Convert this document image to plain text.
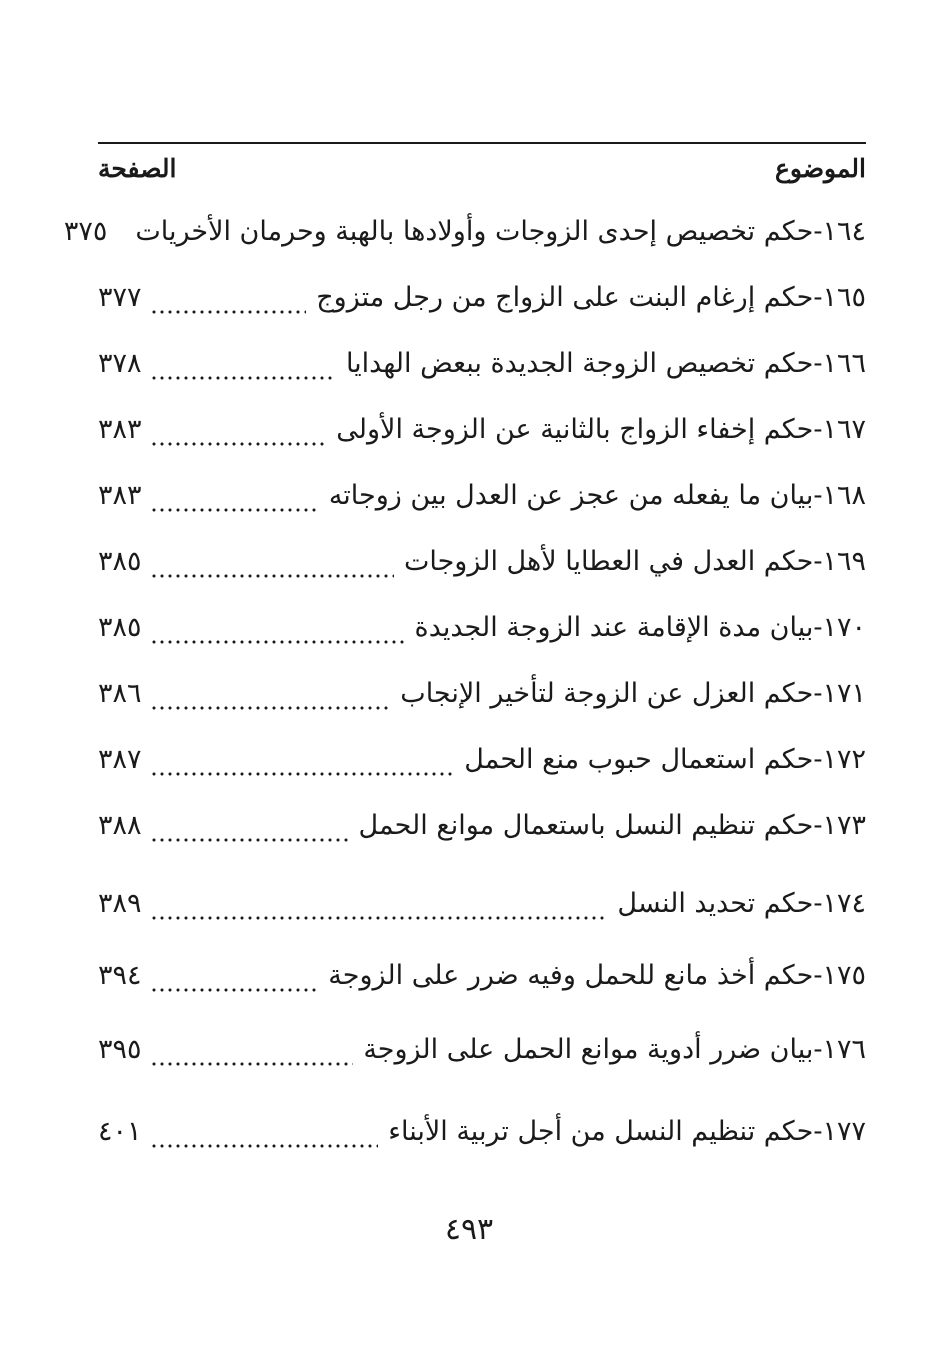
الموضوع
الصفحة
١٦٤
-
حكم تخصيص إحدى الزوجات وأولادها بالهبة وحرمان الأخريات
٣٧٥
١٦٥
-
حكم إرغام البنت على الزواج من رجل متزوج
٣٧٧
١٦٦
-
حكم تخصيص الزوجة الجديدة ببعض الهدايا
٣٧٨
١٦٧
-
حكم إخفاء الزواج بالثانية عن الزوجة الأولى
٣٨٣
١٦٨
-
بيان ما يفعله من عجز عن العدل بين زوجاته
٣٨٣
١٦٩
-
حكم العدل في العطايا لأهل الزوجات
٣٨٥
١٧٠
-
بيان مدة الإقامة عند الزوجة الجديدة
٣٨٥
١٧١
-
حكم العزل عن الزوجة لتأخير الإنجاب
٣٨٦
١٧٢
-
حكم استعمال حبوب منع الحمل
٣٨٧
١٧٣
-
حكم تنظيم النسل باستعمال موانع الحمل
٣٨٨
١٧٤
-
حكم تحديد النسل
٣٨٩
١٧٥
-
حكم أخذ مانع للحمل وفيه ضرر على الزوجة
٣٩٤
١٧٦
-
بيان ضرر أدوية موانع الحمل على الزوجة
٣٩٥
١٧٧
-
حكم تنظيم النسل من أجل تربية الأبناء
٤٠١
٤٩٣
